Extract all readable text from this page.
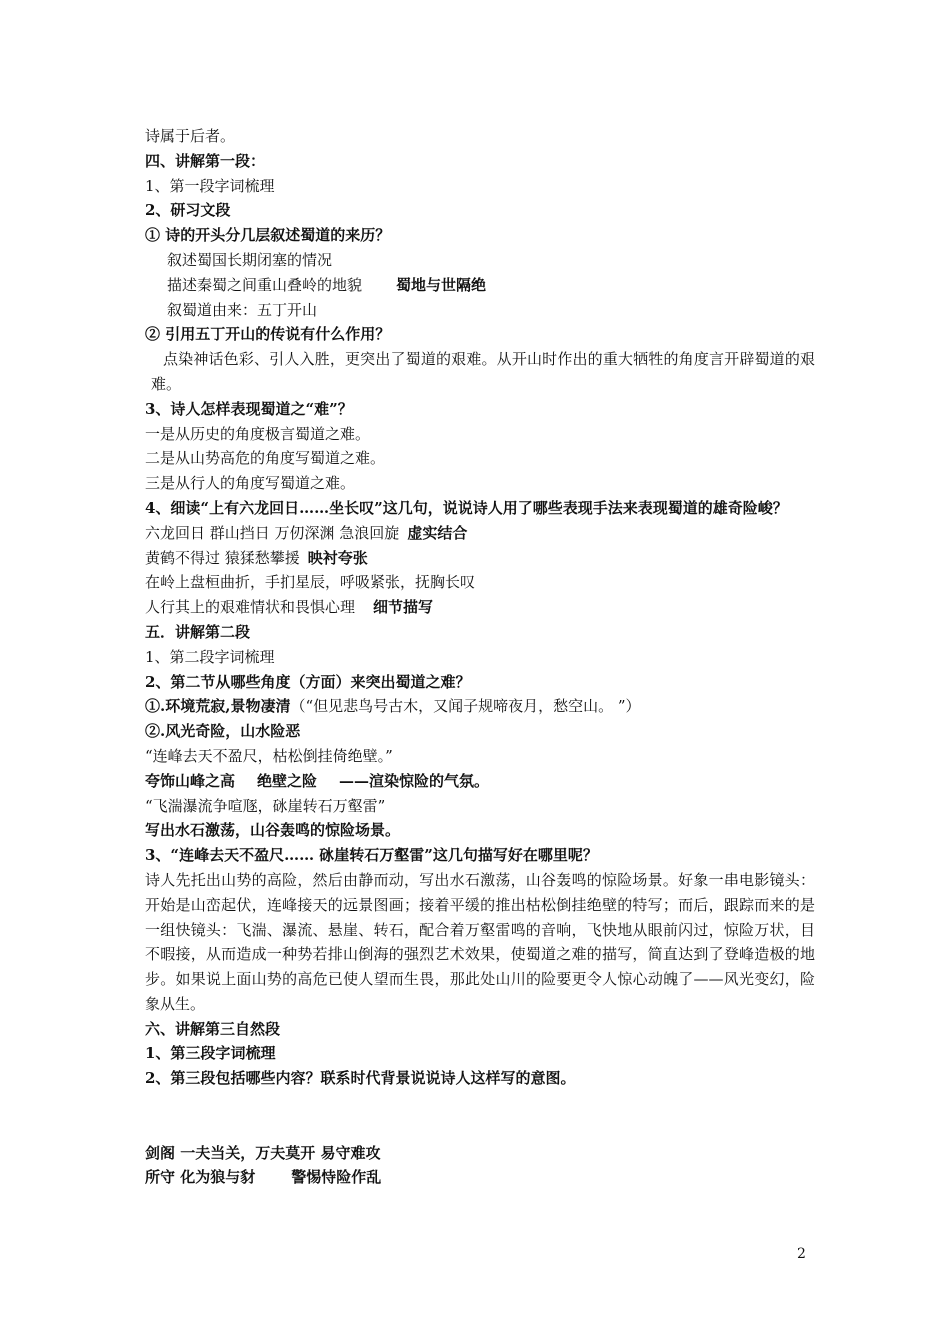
诗属于后者。
四、讲解第一段：
1、第一段字词梳理
2、研习文段
① 诗的开头分几层叙述蜀道的来历？
叙述蜀国长期闭塞的情况
描述秦蜀之间重山叠岭的地貌 蜀地与世隔绝
叙蜀道由来：五丁开山
② 引用五丁开山的传说有什么作用？
点染神话色彩、引人入胜，更突出了蜀道的艰难。从开山时作出的重大牺牲的角度言开辟蜀道的艰难。
3、诗人怎样表现蜀道之“难”？
一是从历史的角度极言蜀道之难。
二是从山势高危的角度写蜀道之难。
三是从行人的角度写蜀道之难。
4、细读“上有六龙回日……坐长叹”这几句，说说诗人用了哪些表现手法来表现蜀道的雄奇险峻？
六龙回日 群山挡日 万仞深渊 急浪回旋 虚实结合
黄鹤不得过 猿猱愁攀援 映衬夸张
在岭上盘桓曲折，手扪星辰，呼吸紧张，抚胸长叹
人行其上的艰难情状和畏惧心理 细节描写
五．讲解第二段
1、第二段字词梳理
2、第二节从哪些角度（方面）来突出蜀道之难？
①.环境荒寂,景物凄清（“但见悲鸟号古木，又闻子规啼夜月，愁空山。 ”）
②.风光奇险，山水险恶
“连峰去天不盈尺，枯松倒挂倚绝壁。”
夸饰山峰之高 绝壁之险 ——渲染惊险的气氛。
“飞湍瀑流争喧豗，砯崖转石万壑雷”
写出水石激荡，山谷轰鸣的惊险场景。
3、“连峰去天不盈尺…… 砯崖转石万壑雷”这几句描写好在哪里呢？
诗人先托出山势的高险，然后由静而动，写出水石激荡，山谷轰鸣的惊险场景。好象一串电影镜头：开始是山峦起伏，连峰接天的远景图画；接着平缓的推出枯松倒挂绝壁的特写；而后，跟踪而来的是一组快镜头：飞湍、瀑流、悬崖、转石，配合着万壑雷鸣的音响，飞快地从眼前闪过，惊险万状，目不暇接，从而造成一种势若排山倒海的强烈艺术效果，使蜀道之难的描写，简直达到了登峰造极的地步。如果说上面山势的高危已使人望而生畏，那此处山川的险要更令人惊心动魄了——风光变幻，险象从生。
六、讲解第三自然段
1、第三段字词梳理
2、第三段包括哪些内容？联系时代背景说说诗人这样写的意图。
剑阁 一夫当关，万夫莫开 易守难攻
所守 化为狼与豺 警惕恃险作乱
2
